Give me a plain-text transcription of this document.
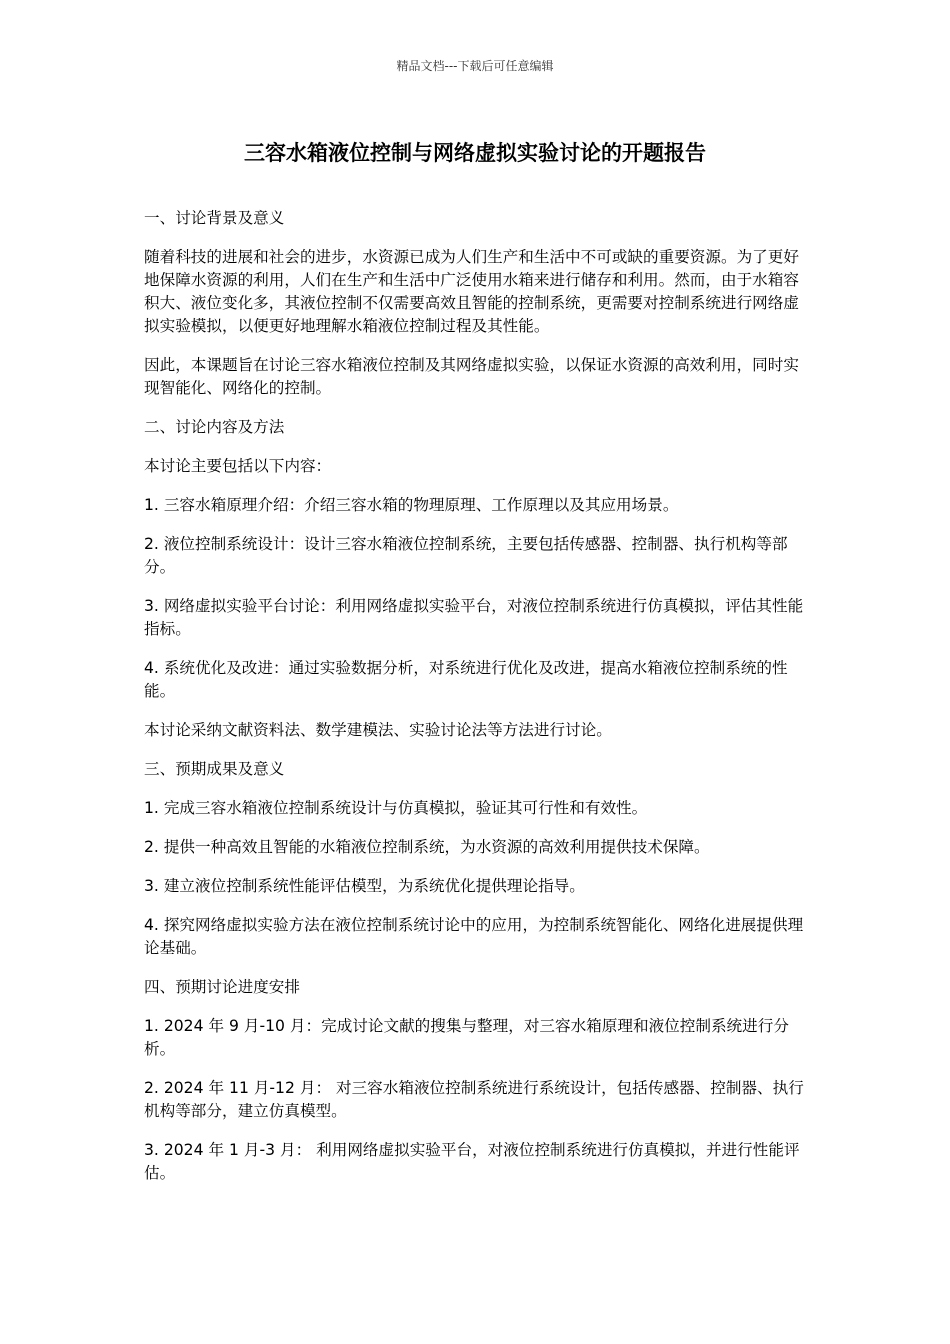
精品文档---下载后可任意编辑
三容水箱液位控制与网络虚拟实验讨论的开题报告

一、讨论背景及意义

随着科技的进展和社会的进步，水资源已成为人们生产和生活中不可或缺的重要资源。为了更好地保障水资源的利用，人们在生产和生活中广泛使用水箱来进行储存和利用。然而，由于水箱容积大、液位变化多，其液位控制不仅需要高效且智能的控制系统，更需要对控制系统进行网络虚拟实验模拟，以便更好地理解水箱液位控制过程及其性能。

因此，本课题旨在讨论三容水箱液位控制及其网络虚拟实验，以保证水资源的高效利用，同时实现智能化、网络化的控制。

二、讨论内容及方法

本讨论主要包括以下内容：

1. 三容水箱原理介绍：介绍三容水箱的物理原理、工作原理以及其应用场景。

2. 液位控制系统设计：设计三容水箱液位控制系统，主要包括传感器、控制器、执行机构等部分。

3. 网络虚拟实验平台讨论：利用网络虚拟实验平台，对液位控制系统进行仿真模拟，评估其性能指标。

4. 系统优化及改进：通过实验数据分析，对系统进行优化及改进，提高水箱液位控制系统的性能。

本讨论采纳文献资料法、数学建模法、实验讨论法等方法进行讨论。

三、预期成果及意义

1. 完成三容水箱液位控制系统设计与仿真模拟，验证其可行性和有效性。

2. 提供一种高效且智能的水箱液位控制系统，为水资源的高效利用提供技术保障。

3. 建立液位控制系统性能评估模型，为系统优化提供理论指导。

4. 探究网络虚拟实验方法在液位控制系统讨论中的应用，为控制系统智能化、网络化进展提供理论基础。

四、预期讨论进度安排

1. 2024 年 9 月-10 月：完成讨论文献的搜集与整理，对三容水箱原理和液位控制系统进行分析。

2. 2024 年 11 月-12 月： 对三容水箱液位控制系统进行系统设计，包括传感器、控制器、执行机构等部分，建立仿真模型。

3. 2024 年 1 月-3 月： 利用网络虚拟实验平台，对液位控制系统进行仿真模拟，并进行性能评估。
